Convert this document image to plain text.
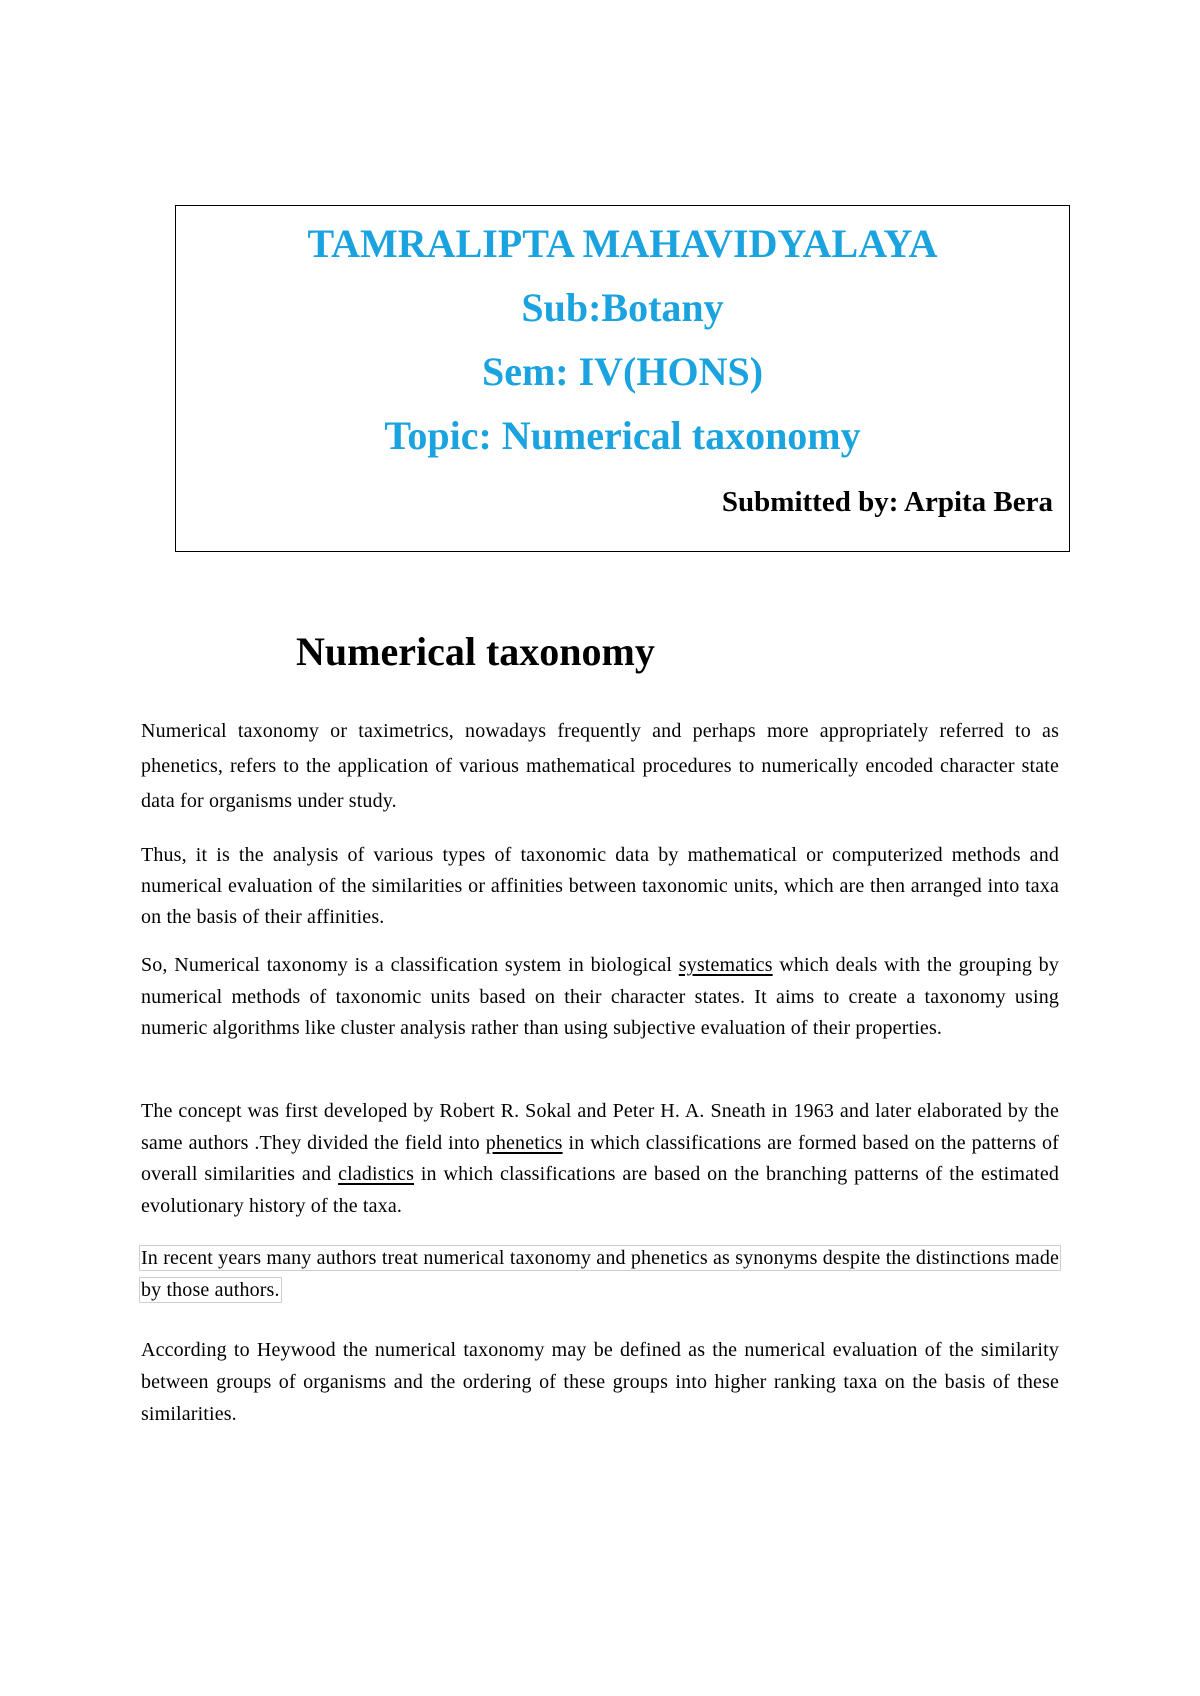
TAMRALIPTA MAHAVIDYALAYA
Sub:Botany
Sem: IV(HONS)
Topic: Numerical taxonomy
Submitted by: Arpita Bera
Numerical taxonomy

Numerical taxonomy or taximetrics, nowadays frequently and perhaps more appropriately referred to as phenetics, refers to the application of various mathematical procedures to numerically encoded character state data for organisms under study.

Thus, it is the analysis of various types of taxonomic data by mathematical or computerized methods and numerical evaluation of the similarities or affinities between taxonomic units, which are then arranged into taxa on the basis of their affinities.

So, Numerical taxonomy is a classification system in biological systematics which deals with the grouping by numerical methods of taxonomic units based on their character states. It aims to create a taxonomy using numeric algorithms like cluster analysis rather than using subjective evaluation of their properties.

The concept was first developed by Robert R. Sokal and Peter H. A. Sneath in 1963 and later elaborated by the same authors .They divided the field into phenetics in which classifications are formed based on the patterns of overall similarities and cladistics in which classifications are based on the branching patterns of the estimated evolutionary history of the taxa.

In recent years many authors treat numerical taxonomy and phenetics as synonyms despite the distinctions made by those authors.

According to Heywood the numerical taxonomy may be defined as the numerical evaluation of the similarity between groups of organisms and the ordering of these groups into higher ranking taxa on the basis of these similarities.
